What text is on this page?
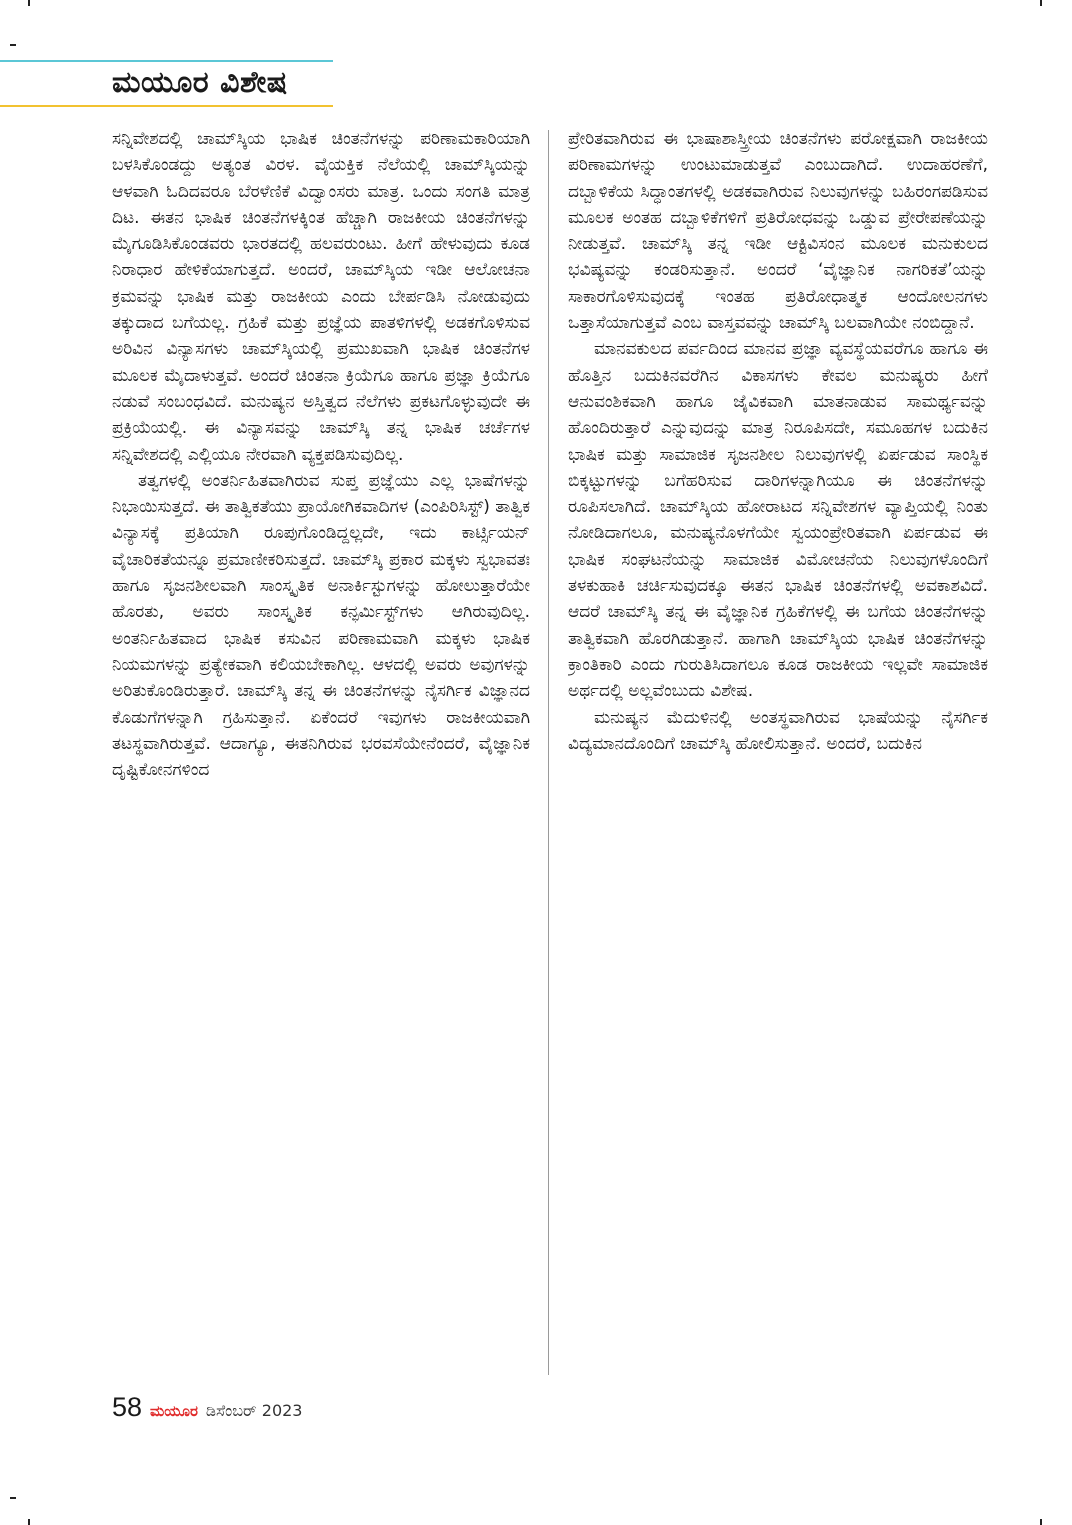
ಮಯೂರ ವಿಶೇಷ

ಸನ್ನಿವೇಶದಲ್ಲಿ ಚಾಮ್‌ಸ್ಕಿಯ ಭಾಷಿಕ ಚಿಂತನೆಗಳನ್ನು ಪರಿಣಾಮಕಾರಿಯಾಗಿ ಬಳಸಿಕೊಂಡದ್ದು ಅತ್ಯಂತ ವಿರಳ. ವೈಯಕ್ತಿಕ ನೆಲೆಯಲ್ಲಿ ಚಾಮ್‌ಸ್ಕಿಯನ್ನು ಆಳವಾಗಿ ಓದಿದವರೂ ಬೆರಳೆಣಿಕೆ ವಿದ್ವಾಂಸರು ಮಾತ್ರ. ಒಂದು ಸಂಗತಿ ಮಾತ್ರ ದಿಟ. ಈತನ ಭಾಷಿಕ ಚಿಂತನೆಗಳಕ್ಕಿಂತ ಹೆಚ್ಚಾಗಿ ರಾಜಕೀಯ ಚಿಂತನೆಗಳನ್ನು ಮೈಗೂಡಿಸಿಕೊಂಡವರು ಭಾರತದಲ್ಲಿ ಹಲವರುಂಟು. ಹೀಗೆ ಹೇಳುವುದು ಕೂಡ ನಿರಾಧಾರ ಹೇಳಿಕೆಯಾಗುತ್ತದೆ. ಅಂದರೆ, ಚಾಮ್‌ಸ್ಕಿಯ ಇಡೀ ಆಲೋಚನಾ ಕ್ರಮವನ್ನು ಭಾಷಿಕ ಮತ್ತು ರಾಜಕೀಯ ಎಂದು ಬೇರ್ಪಡಿಸಿ ನೋಡುವುದು ತಕ್ಕುದಾದ ಬಗೆಯಲ್ಲ. ಗ್ರಹಿಕೆ ಮತ್ತು ಪ್ರಜ್ಞೆಯ ಪಾತಳಿಗಳಲ್ಲಿ ಅಡಕಗೊಳಿಸುವ ಅರಿವಿನ ವಿನ್ಯಾಸಗಳು ಚಾಮ್‌ಸ್ಕಿಯಲ್ಲಿ ಪ್ರಮುಖವಾಗಿ ಭಾಷಿಕ ಚಿಂತನೆಗಳ ಮೂಲಕ ಮೈದಾಳುತ್ತವೆ. ಅಂದರೆ ಚಿಂತನಾ ಕ್ರಿಯೆಗೂ ಹಾಗೂ ಪ್ರಜ್ಞಾ ಕ್ರಿಯೆಗೂ ನಡುವೆ ಸಂಬಂಧವಿದೆ. ಮನುಷ್ಯನ ಅಸ್ತಿತ್ವದ ನೆಲೆಗಳು ಪ್ರಕಟಗೊಳ್ಳುವುದೇ ಈ ಪ್ರಕ್ರಿಯೆಯಲ್ಲಿ. ಈ ವಿನ್ಯಾಸವನ್ನು ಚಾಮ್‌ಸ್ಕಿ ತನ್ನ ಭಾಷಿಕ ಚರ್ಚೆಗಳ ಸನ್ನಿವೇಶದಲ್ಲಿ ಎಲ್ಲಿಯೂ ನೇರವಾಗಿ ವ್ಯಕ್ತಪಡಿಸುವುದಿಲ್ಲ.

ತತ್ವಗಳಲ್ಲಿ ಅಂತರ್ನಿಹಿತವಾಗಿರುವ ಸುಪ್ತ ಪ್ರಜ್ಞೆಯು ಎಲ್ಲ ಭಾಷೆಗಳನ್ನು ನಿಭಾಯಿಸುತ್ತದೆ. ಈ ತಾತ್ವಿಕತೆಯು ಪ್ರಾಯೋಗಿಕವಾದಿಗಳ (ಎಂಪಿರಿಸಿಸ್ಟ್) ತಾತ್ವಿಕ ವಿನ್ಯಾಸಕ್ಕೆ ಪ್ರತಿಯಾಗಿ ರೂಪುಗೊಂಡಿದ್ದಲ್ಲದೇ, ಇದು ಕಾರ್ಟ್ಸಿಯನ್ ವೈಚಾರಿಕತೆಯನ್ನೂ ಪ್ರಮಾಣೀಕರಿಸುತ್ತದೆ. ಚಾಮ್‌ಸ್ಕಿ ಪ್ರಕಾರ ಮಕ್ಕಳು ಸ್ವಭಾವತಃ ಹಾಗೂ ಸೃಜನಶೀಲವಾಗಿ ಸಾಂಸ್ಕೃತಿಕ ಅನಾರ್ಕಿಸ್ಟುಗಳನ್ನು ಹೋಲುತ್ತಾರೆಯೇ ಹೊರತು, ಅವರು ಸಾಂಸ್ಕೃತಿಕ ಕನ್ಫರ್ಮಿಸ್ಟ್‌ಗಳು ಆಗಿರುವುದಿಲ್ಲ. ಅಂತರ್ನಿಹಿತವಾದ ಭಾಷಿಕ ಕಸುವಿನ ಪರಿಣಾಮವಾಗಿ ಮಕ್ಕಳು ಭಾಷಿಕ ನಿಯಮಗಳನ್ನು ಪ್ರತ್ಯೇಕವಾಗಿ ಕಲಿಯಬೇಕಾಗಿಲ್ಲ. ಆಳದಲ್ಲಿ ಅವರು ಅವುಗಳನ್ನು ಅರಿತುಕೊಂಡಿರುತ್ತಾರೆ. ಚಾಮ್‌ಸ್ಕಿ ತನ್ನ ಈ ಚಿಂತನೆಗಳನ್ನು ನೈಸರ್ಗಿಕ ವಿಜ್ಞಾನದ ಕೊಡುಗೆಗಳನ್ನಾಗಿ ಗ್ರಹಿಸುತ್ತಾನೆ. ಏಕೆಂದರೆ ಇವುಗಳು ರಾಜಕೀಯವಾಗಿ ತಟಸ್ಥವಾಗಿರುತ್ತವೆ. ಆದಾಗ್ಯೂ, ಈತನಿಗಿರುವ ಭರವಸೆಯೇನೆಂದರೆ, ವೈಜ್ಞಾನಿಕ ದೃಷ್ಟಿಕೋನಗಳಿಂದ

ಪ್ರೇರಿತವಾಗಿರುವ ಈ ಭಾಷಾಶಾಸ್ತ್ರೀಯ ಚಿಂತನೆಗಳು ಪರೋಕ್ಷವಾಗಿ ರಾಜಕೀಯ ಪರಿಣಾಮಗಳನ್ನು ಉಂಟುಮಾಡುತ್ತವೆ ಎಂಬುದಾಗಿದೆ. ಉದಾಹರಣೆಗೆ, ದಬ್ಬಾಳಿಕೆಯ ಸಿದ್ಧಾಂತಗಳಲ್ಲಿ ಅಡಕವಾಗಿರುವ ನಿಲುವುಗಳನ್ನು ಬಹಿರಂಗಪಡಿಸುವ ಮೂಲಕ ಅಂತಹ ದಬ್ಬಾಳಿಕೆಗಳಿಗೆ ಪ್ರತಿರೋಧವನ್ನು ಒಡ್ಡುವ ಪ್ರೇರೇಪಣೆಯನ್ನು ನೀಡುತ್ತವೆ. ಚಾಮ್‌ಸ್ಕಿ ತನ್ನ ಇಡೀ ಆಕ್ಟಿವಿಸಂನ ಮೂಲಕ ಮನುಕುಲದ ಭವಿಷ್ಯವನ್ನು ಕಂಡರಿಸುತ್ತಾನೆ. ಅಂದರೆ ‘ವೈಜ್ಞಾನಿಕ ನಾಗರಿಕತೆ’ಯನ್ನು ಸಾಕಾರಗೊಳಿಸುವುದಕ್ಕೆ ಇಂತಹ ಪ್ರತಿರೋಧಾತ್ಮಕ ಆಂದೋಲನಗಳು ಒತ್ತಾಸೆಯಾಗುತ್ತವೆ ಎಂಬ ವಾಸ್ತವವನ್ನು ಚಾಮ್‌ಸ್ಕಿ ಬಲವಾಗಿಯೇ ನಂಬಿದ್ದಾನೆ.

ಮಾನವಕುಲದ ಪರ್ವದಿಂದ ಮಾನವ ಪ್ರಜ್ಞಾ ವ್ಯವಸ್ಥೆಯವರೆಗೂ ಹಾಗೂ ಈ ಹೊತ್ತಿನ ಬದುಕಿನವರೆಗಿನ ವಿಕಾಸಗಳು ಕೇವಲ ಮನುಷ್ಯರು ಹೀಗೆ ಆನುವಂಶಿಕವಾಗಿ ಹಾಗೂ ಜೈವಿಕವಾಗಿ ಮಾತನಾಡುವ ಸಾಮರ್ಥ್ಯವನ್ನು ಹೊಂದಿರುತ್ತಾರೆ ಎನ್ನುವುದನ್ನು ಮಾತ್ರ ನಿರೂಪಿಸದೇ, ಸಮೂಹಗಳ ಬದುಕಿನ ಭಾಷಿಕ ಮತ್ತು ಸಾಮಾಜಿಕ ಸೃಜನಶೀಲ ನಿಲುವುಗಳಲ್ಲಿ ಏರ್ಪಡುವ ಸಾಂಸ್ಥಿಕ ಬಿಕ್ಕಟ್ಟುಗಳನ್ನು ಬಗೆಹರಿಸುವ ದಾರಿಗಳನ್ನಾಗಿಯೂ ಈ ಚಿಂತನೆಗಳನ್ನು ರೂಪಿಸಲಾಗಿದೆ. ಚಾಮ್‌ಸ್ಕಿಯ ಹೋರಾಟದ ಸನ್ನಿವೇಶಗಳ ವ್ಯಾಪ್ತಿಯಲ್ಲಿ ನಿಂತು ನೋಡಿದಾಗಲೂ, ಮನುಷ್ಯನೊಳಗೆಯೇ ಸ್ವಯಂಪ್ರೇರಿತವಾಗಿ ಏರ್ಪಡುವ ಈ ಭಾಷಿಕ ಸಂಘಟನೆಯನ್ನು ಸಾಮಾಜಿಕ ವಿಮೋಚನೆಯ ನಿಲುವುಗಳೊಂದಿಗೆ ತಳಕುಹಾಕಿ ಚರ್ಚಿಸುವುದಕ್ಕೂ ಈತನ ಭಾಷಿಕ ಚಿಂತನೆಗಳಲ್ಲಿ ಅವಕಾಶವಿದೆ. ಆದರೆ ಚಾಮ್‌ಸ್ಕಿ ತನ್ನ ಈ ವೈಜ್ಞಾನಿಕ ಗ್ರಹಿಕೆಗಳಲ್ಲಿ ಈ ಬಗೆಯ ಚಿಂತನೆಗಳನ್ನು ತಾತ್ವಿಕವಾಗಿ ಹೊರಗಿಡುತ್ತಾನೆ. ಹಾಗಾಗಿ ಚಾಮ್‌ಸ್ಕಿಯ ಭಾಷಿಕ ಚಿಂತನೆಗಳನ್ನು ಕ್ರಾಂತಿಕಾರಿ ಎಂದು ಗುರುತಿಸಿದಾಗಲೂ ಕೂಡ ರಾಜಕೀಯ ಇಲ್ಲವೇ ಸಾಮಾಜಿಕ ಅರ್ಥದಲ್ಲಿ ಅಲ್ಲವೆಂಬುದು ವಿಶೇಷ.

ಮನುಷ್ಯನ ಮೆದುಳಿನಲ್ಲಿ ಅಂತಸ್ಥವಾಗಿರುವ ಭಾಷೆಯನ್ನು ನೈಸರ್ಗಿಕ ವಿದ್ಯಮಾನದೊಂದಿಗೆ ಚಾಮ್‌ಸ್ಕಿ ಹೋಲಿಸುತ್ತಾನೆ. ಅಂದರೆ, ಬದುಕಿನ

58 ಮಯೂರ ಡಿಸೆಂಬರ್ 2023
